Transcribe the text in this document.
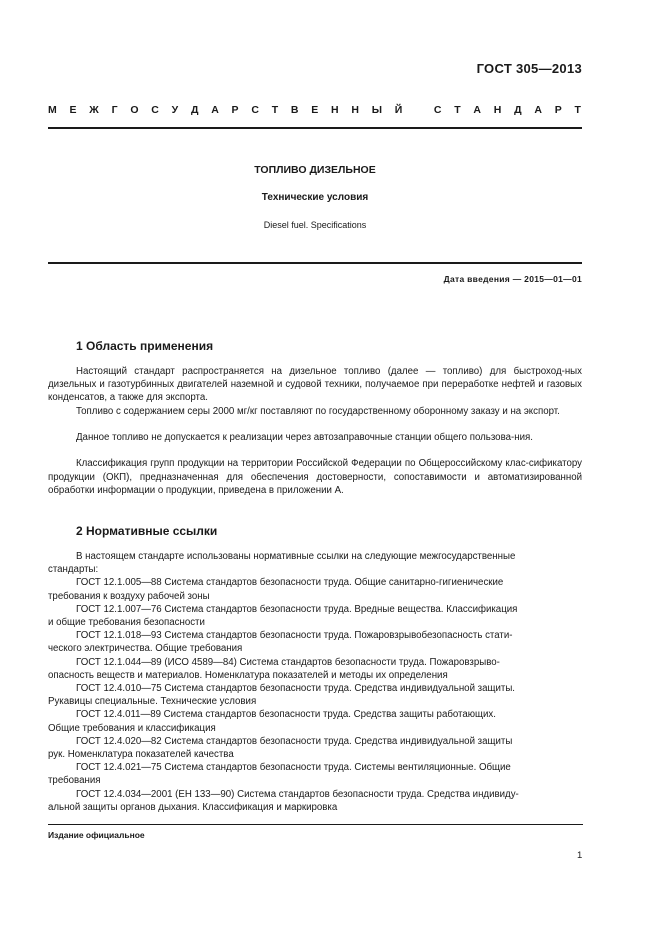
ГОСТ 305—2013
М Е Ж Г О С У Д А Р С Т В Е Н Н Ы Й	С Т А Н Д А Р Т
ТОПЛИВО ДИЗЕЛЬНОЕ
Технические условия
Diesel fuel. Specifications
Дата введения — 2015—01—01
1 Область применения
Настоящий стандарт распространяется на дизельное топливо (далее — топливо) для быстроход-ных дизельных и газотурбинных двигателей наземной и судовой техники, получаемое при переработке нефтей и газовых конденсатов, а также для экспорта.
Топливо с содержанием серы 2000 мг/кг поставляют по государственному оборонному заказу и на экспорт.
Данное топливо не допускается к реализации через автозаправочные станции общего пользова-ния.
Классификация групп продукции на территории Российской Федерации по Общероссийскому клас-сификатору продукции (ОКП), предназначенная для обеспечения достоверности, сопоставимости и автоматизированной обработки информации о продукции, приведена в приложении А.
2 Нормативные ссылки
В настоящем стандарте использованы нормативные ссылки на следующие межгосударственные
стандарты:
ГОСТ 12.1.005—88 Система стандартов безопасности труда. Общие санитарно-гигиенические
требования к воздуху рабочей зоны
ГОСТ 12.1.007—76 Система стандартов безопасности труда. Вредные вещества. Классификация
и общие требования безопасности
ГОСТ 12.1.018—93 Система стандартов безопасности труда. Пожаровзрывобезопасность стати-
ческого электричества. Общие требования
ГОСТ 12.1.044—89 (ИСО 4589—84) Система стандартов безопасности труда. Пожаровзрыво-
опасность веществ и материалов. Номенклатура показателей и методы их определения
ГОСТ 12.4.010—75 Система стандартов безопасности труда. Средства индивидуальной защиты.
Рукавицы специальные. Технические условия
ГОСТ 12.4.011—89 Система стандартов безопасности труда. Средства защиты работающих.
Общие требования и классификация
ГОСТ 12.4.020—82 Система стандартов безопасности труда. Средства индивидуальной защиты
рук. Номенклатура показателей качества
ГОСТ 12.4.021—75 Система стандартов безопасности труда. Системы вентиляционные. Общие
требования
ГОСТ 12.4.034—2001 (ЕН 133—90) Система стандартов безопасности труда. Средства индивиду-
альной защиты органов дыхания. Классификация и маркировка
Издание официальное
1
